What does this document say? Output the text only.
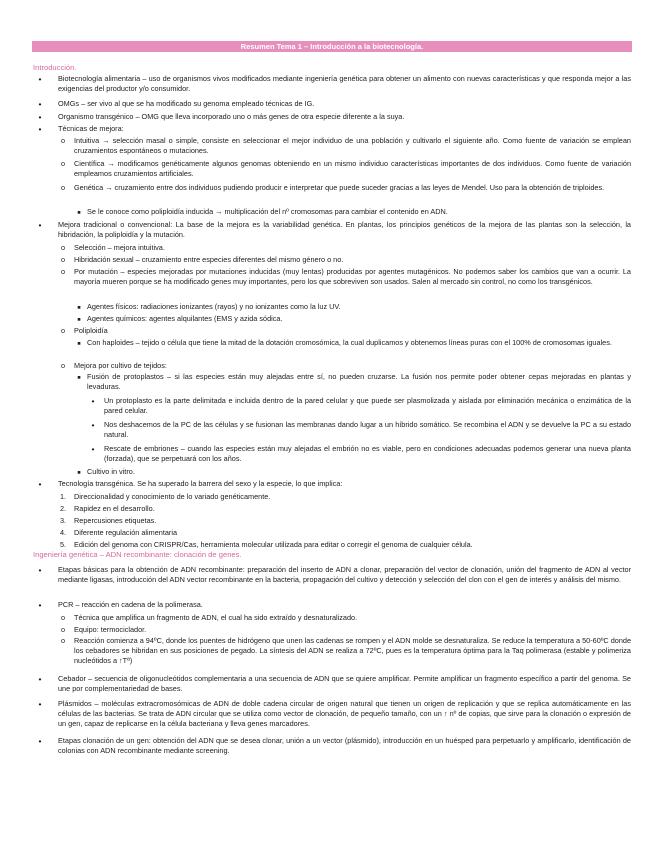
Resumen Tema 1 – Introducción a la biotecnología.
Introducción.
•
Biotecnología alimentaria – uso de organismos vivos modificados mediante ingeniería genética para obtener un alimento con nuevas características y que responda mejor a las exigencias del productor y/o consumidor.
•
OMGs – ser vivo al que se ha modificado su genoma empleado técnicas de IG.
•
Organismo transgénico – OMG que lleva incorporado uno o más genes de otra especie diferente a la suya.
•
Técnicas de mejora:
o
Intuitiva → selección masal o simple, consiste en seleccionar el mejor individuo de una población y cultivarlo el siguiente año. Como fuente de variación se emplean cruzamientos espontáneos o mutaciones.
o
Científica → modificamos genéticamente algunos genomas obteniendo en un mismo individuo características importantes de dos individuos. Como fuente de variación empleamos cruzamientos artificiales.
o
Genética → cruzamiento entre dos individuos pudiendo producir e interpretar que puede suceder gracias a las leyes de Mendel. Uso para la obtención de triploides.
■
Se le conoce como poliploidía inducida → multiplicación del nº cromosomas para cambiar el contenido en ADN.
•
Mejora tradicional o convencional: La base de la mejora es la variabilidad genética. En plantas, los principios genéticos de la mejora de las plantas son la selección, la hibridación, la poliploidía y la mutación.
o
Selección – mejora intuitiva.
o
Hibridación sexual – cruzamiento entre especies diferentes del mismo género o no.
o
Por mutación – especies mejoradas por mutaciones inducidas (muy lentas) producidas por agentes mutagénicos. No podemos saber los cambios que van a ocurrir. La mayoría mueren porque se ha modificado genes muy importantes, pero los que sobreviven son usados. Salen al mercado sin control, no como los transgénicos.
■
Agentes físicos: radiaciones ionizantes (rayos) y no ionizantes como la luz UV.
■
Agentes químicos: agentes alquilantes (EMS y azida sódica.
o
Poliploidía
■
Con haploides – tejido o célula que tiene la mitad de la dotación cromosómica, la cual duplicamos y obtenemos líneas puras con el 100% de cromosomas iguales.
o
Mejora por cultivo de tejidos:
■
Fusión de protoplastos – si las especies están muy alejadas entre sí, no pueden cruzarse. La fusión nos permite poder obtener cepas mejoradas en plantas y levaduras.
•
Un protoplasto es la parte delimitada e incluida dentro de la pared celular y que puede ser plasmolizada y aislada por eliminación mecánica o enzimática de la pared celular.
•
Nos deshacemos de la PC de las células y se fusionan las membranas dando lugar a un híbrido somático. Se recombina el ADN y se devuelve la PC a su estado natural.
•
Rescate de embriones – cuando las especies están muy alejadas el embrión no es viable, pero en condiciones adecuadas podemos generar una nueva planta (forzada), que se perpetuará con los años.
■
Cultivo in vitro.
•
Tecnología transgénica. Se ha superado la barrera del sexo y la especie, lo que implica:
1. Direccionalidad y conocimiento de lo variado genéticamente.
2. Rapidez en el desarrollo.
3. Repercusiones etiquetas.
4. Diferente regulación alimentaria
5. Edición del genoma con CRISPR/Cas, herramienta molecular utilizada para editar o corregir el genoma de cualquier célula.
Ingeniería genética – ADN recombinante: clonación de genes.
•
Etapas básicas para la obtención de ADN recombinante: preparación del inserto de ADN a clonar, preparación del vector de clonación, unión del fragmento de ADN al vector mediante ligasas, introducción del ADN vector recombinante en la bacteria, propagación del cultivo y detección y selección del clon con el gen de interés y análisis del mismo.
•
PCR – reacción en cadena de la polimerasa.
o
Técnica que amplifica un fragmento de ADN, el cual ha sido extraído y desnaturalizado.
o
Equipo: termociclador.
o
Reacción comienza a 94ºC, donde los puentes de hidrógeno que unen las cadenas se rompen y el ADN molde se desnaturaliza. Se reduce la temperatura a 50-60ºC donde los cebadores se hibridan en sus posiciones de pegado. La síntesis del ADN se realiza a 72ºC, pues es la temperatura óptima para la Taq polimerasa (estable y polimeriza nucleótidos a ↑Tª)
•
Cebador – secuencia de oligonucleótidos complementaria a una secuencia de ADN que se quiere amplificar. Permite amplificar un fragmento específico a partir del genoma. Se une por complementariedad de bases.
•
Plásmidos – moléculas extracromosómicas de ADN de doble cadena circular de origen natural que tienen un origen de replicación y que se replica automáticamente en las células de las bacterias. Se trata de ADN circular que se utiliza como vector de clonación, de pequeño tamaño, con un ↑ nº de copias, que sirve para la clonación o expresión de un gen, capaz de replicarse en la célula bacteriana y lleva genes marcadores.
•
Etapas clonación de un gen: obtención del ADN que se desea clonar, unión a un vector (plásmido), introducción en un huésped para perpetuarlo y amplificarlo, identificación de colonias con ADN recombinante mediante screening.
